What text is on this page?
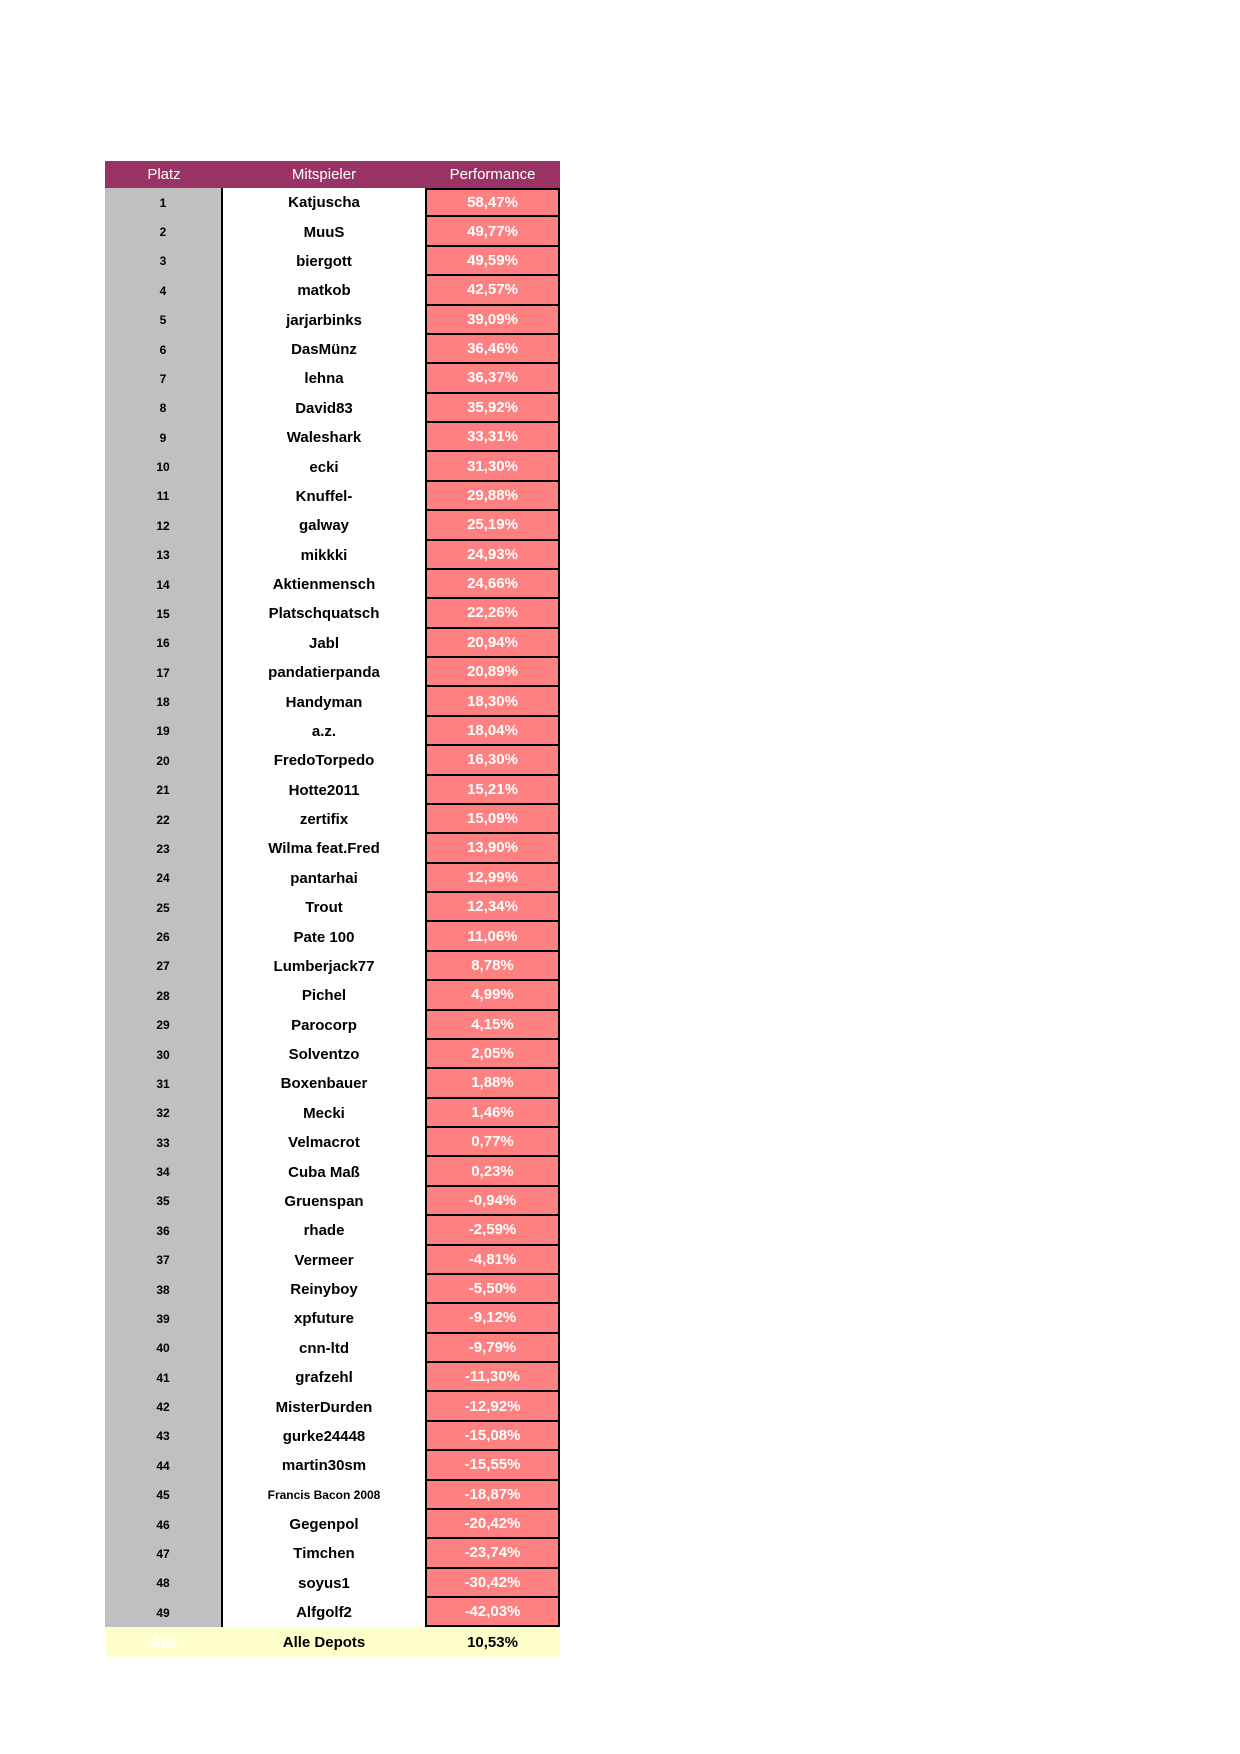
Platz	Mitspieler	Performance
1	Katjuscha	58,47%
2	MuuS	49,77%
3	biergott	49,59%
4	matkob	42,57%
5	jarjarbinks	39,09%
6	DasMünz	36,46%
7	lehna	36,37%
8	David83	35,92%
9	Waleshark	33,31%
10	ecki	31,30%
11	Knuffel-	29,88%
12	galway	25,19%
13	mikkki	24,93%
14	Aktienmensch	24,66%
15	Platschquatsch	22,26%
16	Jabl	20,94%
17	pandatierpanda	20,89%
18	Handyman	18,30%
19	a.z.	18,04%
20	FredoTorpedo	16,30%
21	Hotte2011	15,21%
22	zertifix	15,09%
23	Wilma feat.Fred	13,90%
24	pantarhai	12,99%
25	Trout	12,34%
26	Pate 100	11,06%
27	Lumberjack77	8,78%
28	Pichel	4,99%
29	Parocorp	4,15%
30	Solventzo	2,05%
31	Boxenbauer	1,88%
32	Mecki	1,46%
33	Velmacrot	0,77%
34	Cuba Maß	0,23%
35	Gruenspan	-0,94%
36	rhade	-2,59%
37	Vermeer	-4,81%
38	Reinyboy	-5,50%
39	xpfuture	-9,12%
40	cnn-ltd	-9,79%
41	grafzehl	-11,30%
42	MisterDurden	-12,92%
43	gurke24448	-15,08%
44	martin30sm	-15,55%
45	Francis Bacon 2008	-18,87%
46	Gegenpol	-20,42%
47	Timchen	-23,74%
48	soyus1	-30,42%
49	Alfgolf2	-42,03%
Alle	Alle Depots	10,53%
